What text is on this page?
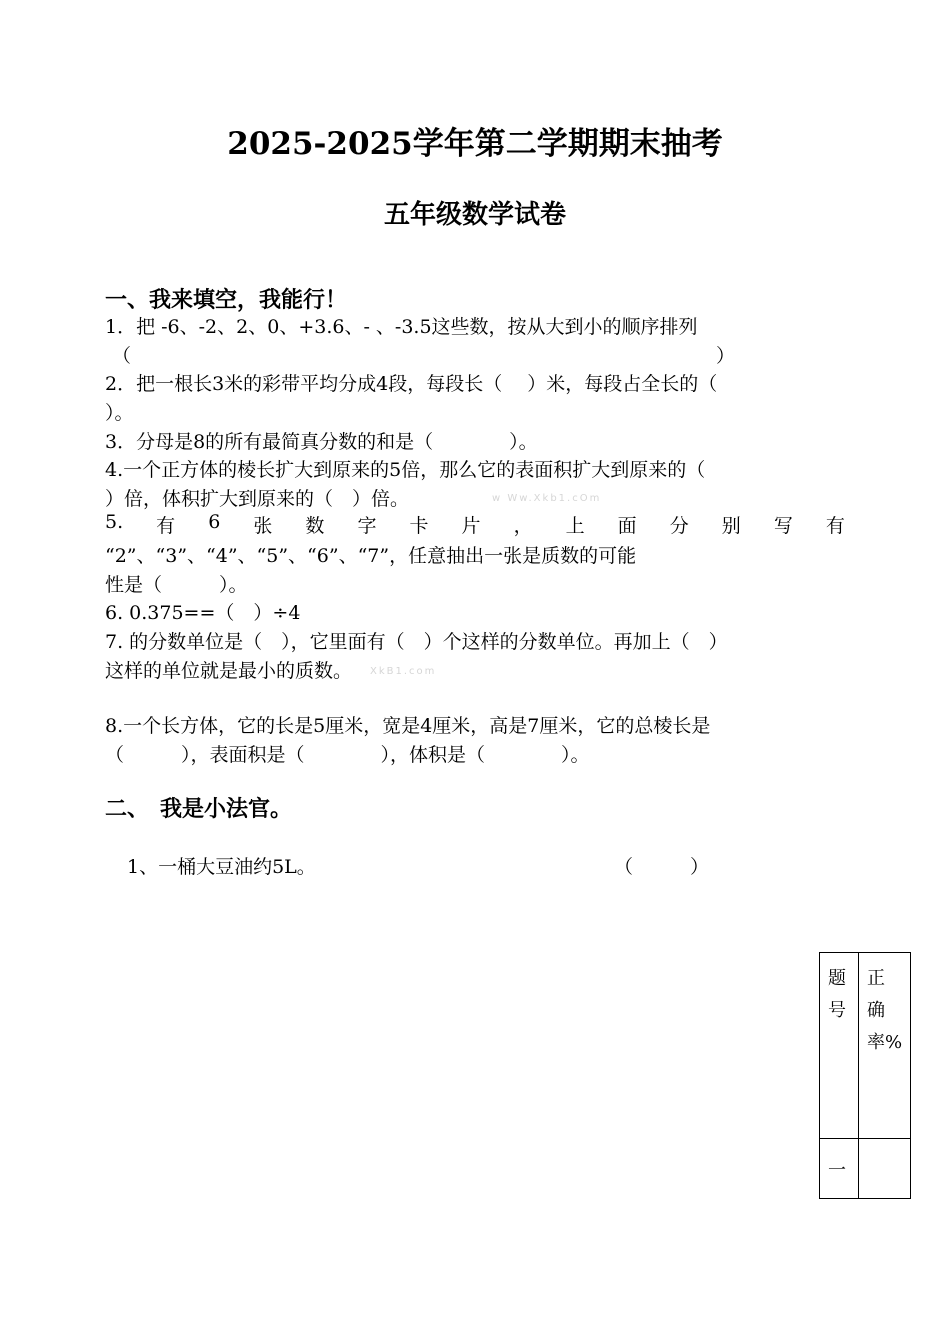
2025-2025学年第二学期期末抽考
五年级数学试卷
一、我来填空，我能行！
1．把 -6、-2、2、0、+3.6、- 、-3.5这些数，按从大到小的顺序排列
（	）
2．把一根长3米的彩带平均分成4段，每段长（　 ）米，每段占全长的（
）。
3．分母是8的所有最简真分数的和是（　　　　）。
4.一个正方体的棱长扩大到原来的5倍，那么它的表面积扩大到原来的（
）倍，体积扩大到原来的（　）倍。	w Ww.Xkb1.cOm
5. 有 6 张 数 字 卡 片 ， 上 面 分 别 写 有
“2”、“3”、“4”、“5”、“6”、“7”，任意抽出一张是质数的可能
性是（　　　）。
6. 0.375==（　）÷4
7. 的分数单位是（　），它里面有（　）个这样的分数单位。再加上（　）
这样的单位就是最小的质数。 XkB1.com
8.一个长方体，它的长是5厘米，宽是4厘米，高是7厘米，它的总棱长是
（　　　），表面积是（　　　　），体积是（　　　　）。
二、　我是小法官。
1、一桶大豆油约5L。	（　　　）
题号	正确率%

一	
